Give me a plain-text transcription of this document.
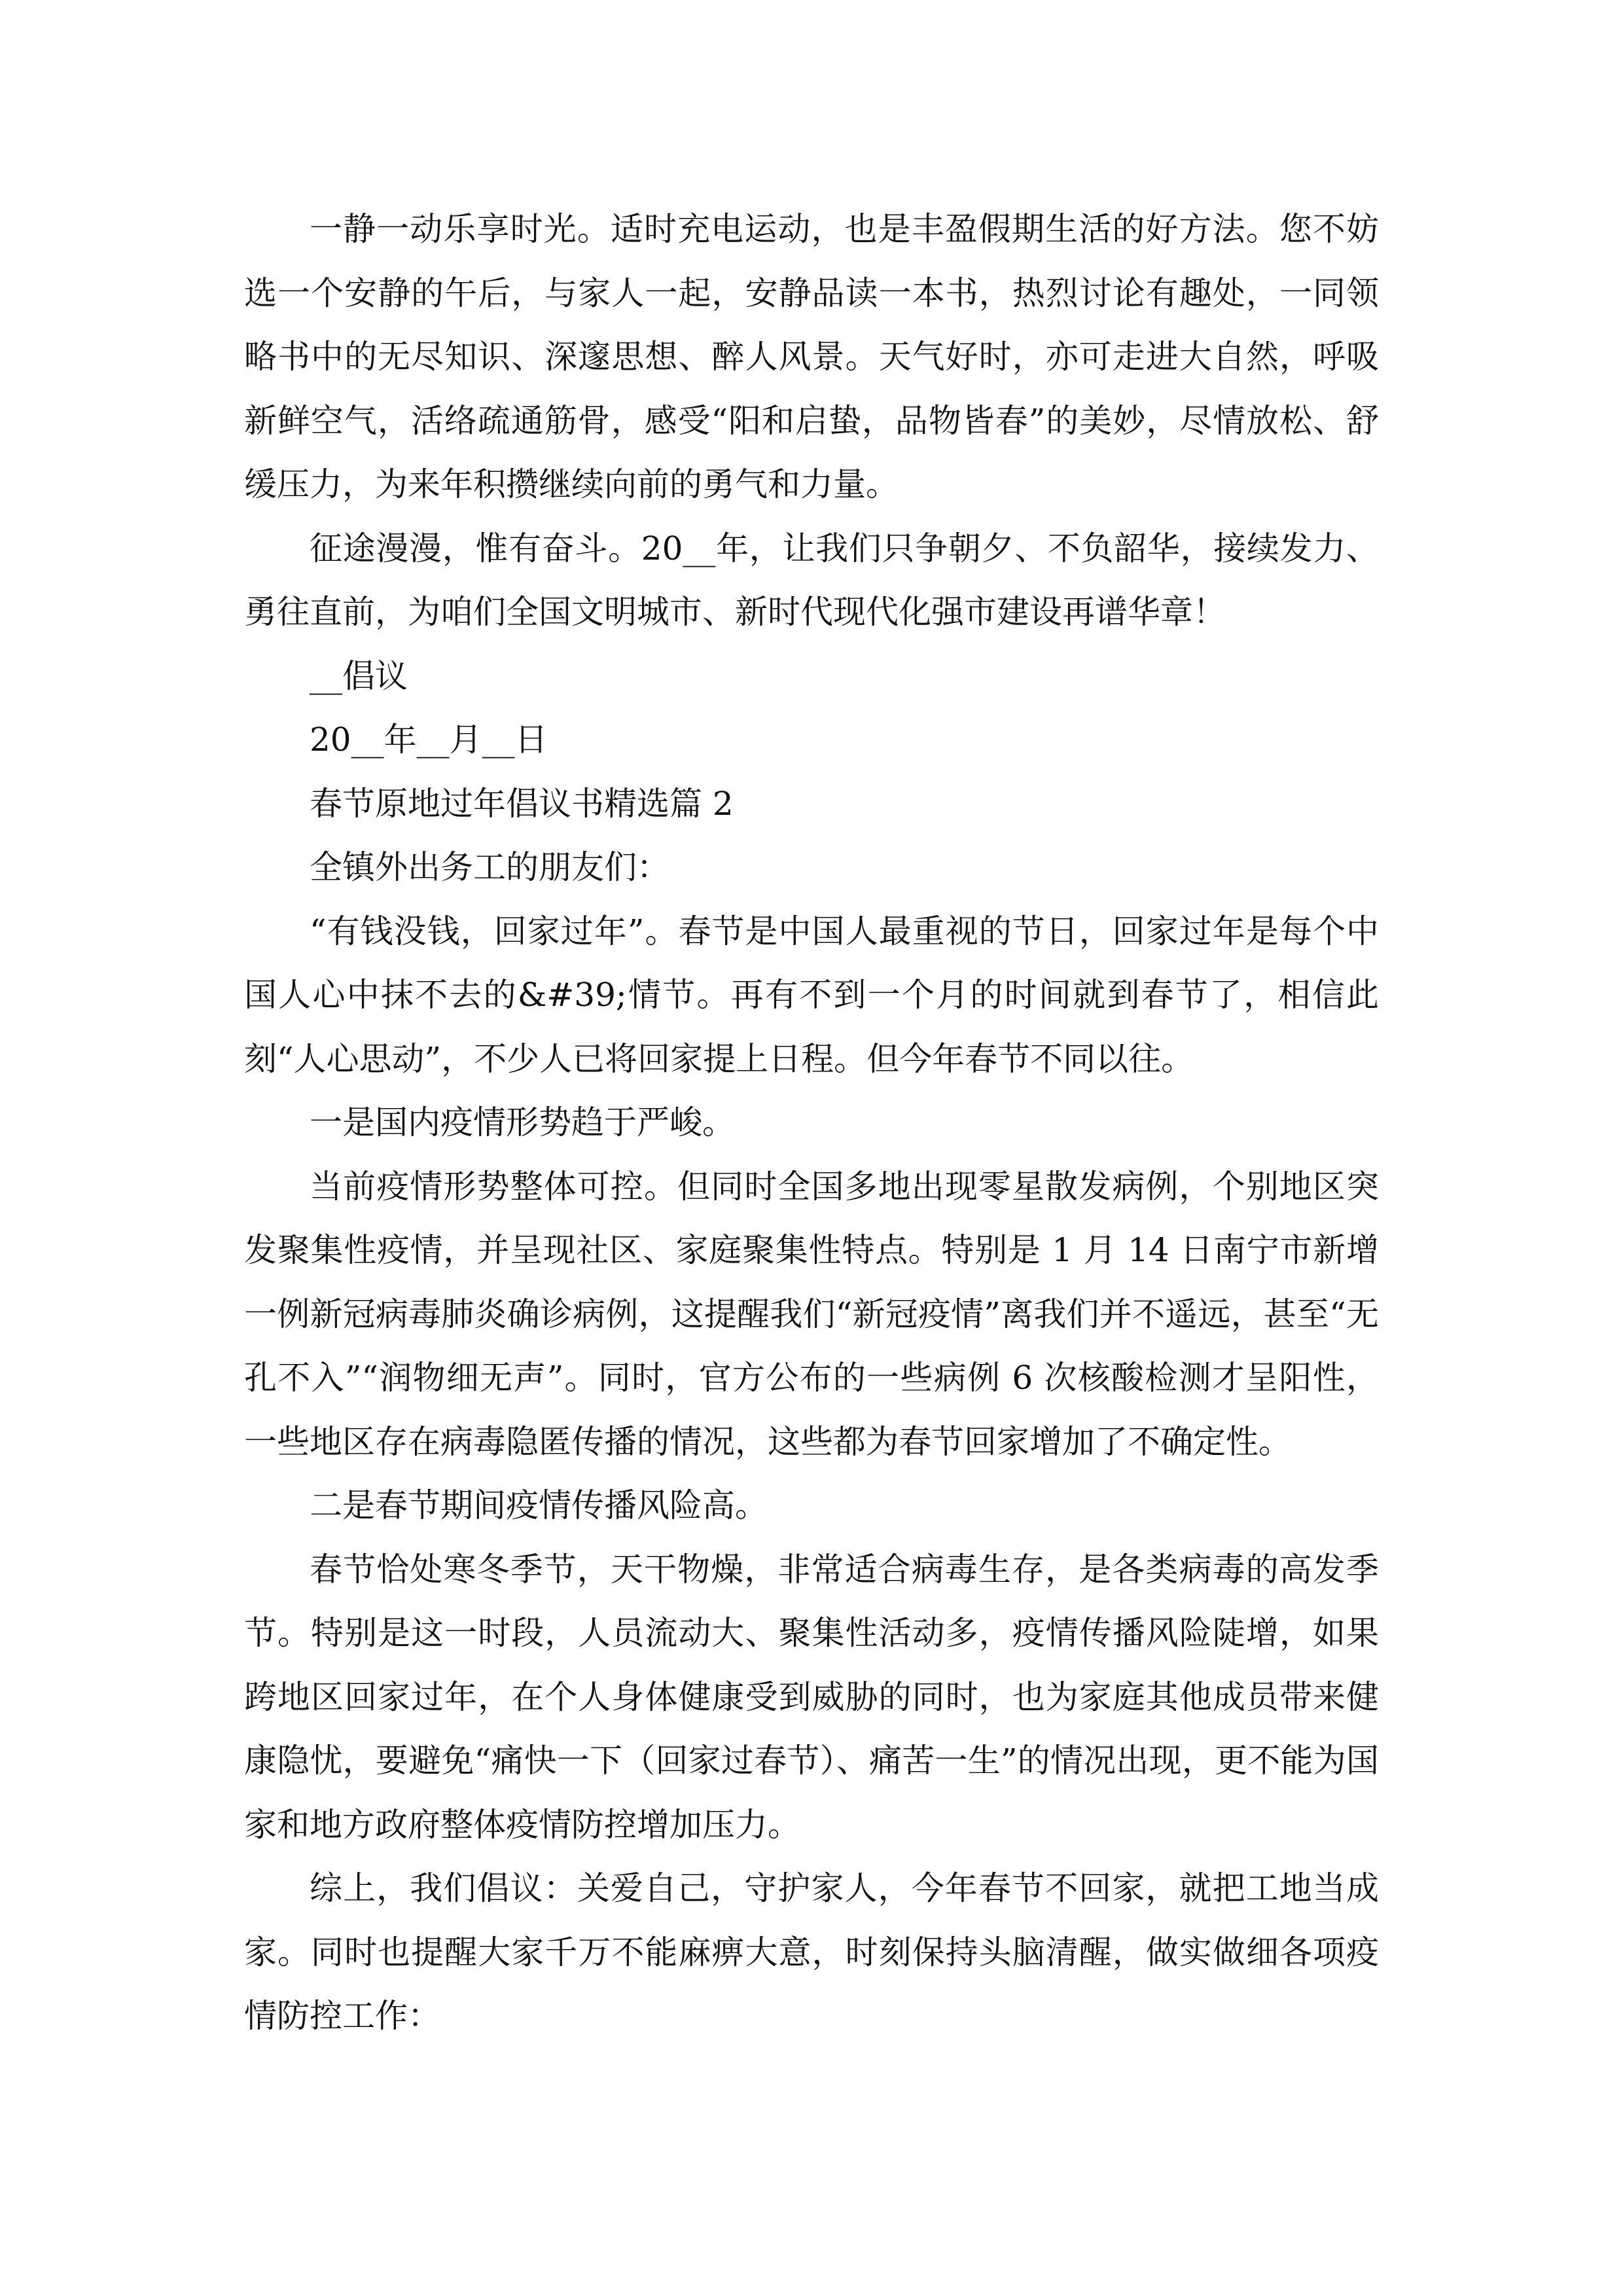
一静一动乐享时光。适时充电运动，也是丰盈假期生活的好方法。您不妨选一个安静的午后，与家人一起，安静品读一本书，热烈讨论有趣处，一同领略书中的无尽知识、深邃思想、醉人风景。天气好时，亦可走进大自然，呼吸新鲜空气，活络疏通筋骨，感受“阳和启蛰，品物皆春”的美妙，尽情放松、舒缓压力，为来年积攒继续向前的勇气和力量。

征途漫漫，惟有奋斗。20__年，让我们只争朝夕、不负韶华，接续发力、勇往直前，为咱们全国文明城市、新时代现代化强市建设再谱华章！

__倡议

20__年__月__日

春节原地过年倡议书精选篇 2

全镇外出务工的朋友们：

“有钱没钱，回家过年”。春节是中国人最重视的节日，回家过年是每个中国人心中抹不去的&#39;情节。再有不到一个月的时间就到春节了，相信此刻“人心思动”，不少人已将回家提上日程。但今年春节不同以往。

一是国内疫情形势趋于严峻。

当前疫情形势整体可控。但同时全国多地出现零星散发病例，个别地区突发聚集性疫情，并呈现社区、家庭聚集性特点。特别是 1 月 14 日南宁市新增一例新冠病毒肺炎确诊病例，这提醒我们“新冠疫情”离我们并不遥远，甚至“无孔不入”“润物细无声”。同时，官方公布的一些病例 6 次核酸检测才呈阳性，一些地区存在病毒隐匿传播的情况，这些都为春节回家增加了不确定性。

二是春节期间疫情传播风险高。

春节恰处寒冬季节，天干物燥，非常适合病毒生存，是各类病毒的高发季节。特别是这一时段，人员流动大、聚集性活动多，疫情传播风险陡增，如果跨地区回家过年，在个人身体健康受到威胁的同时，也为家庭其他成员带来健康隐忧，要避免“痛快一下（回家过春节）、痛苦一生”的情况出现，更不能为国家和地方政府整体疫情防控增加压力。

综上，我们倡议：关爱自己，守护家人，今年春节不回家，就把工地当成家。同时也提醒大家千万不能麻痹大意，时刻保持头脑清醒，做实做细各项疫情防控工作：
